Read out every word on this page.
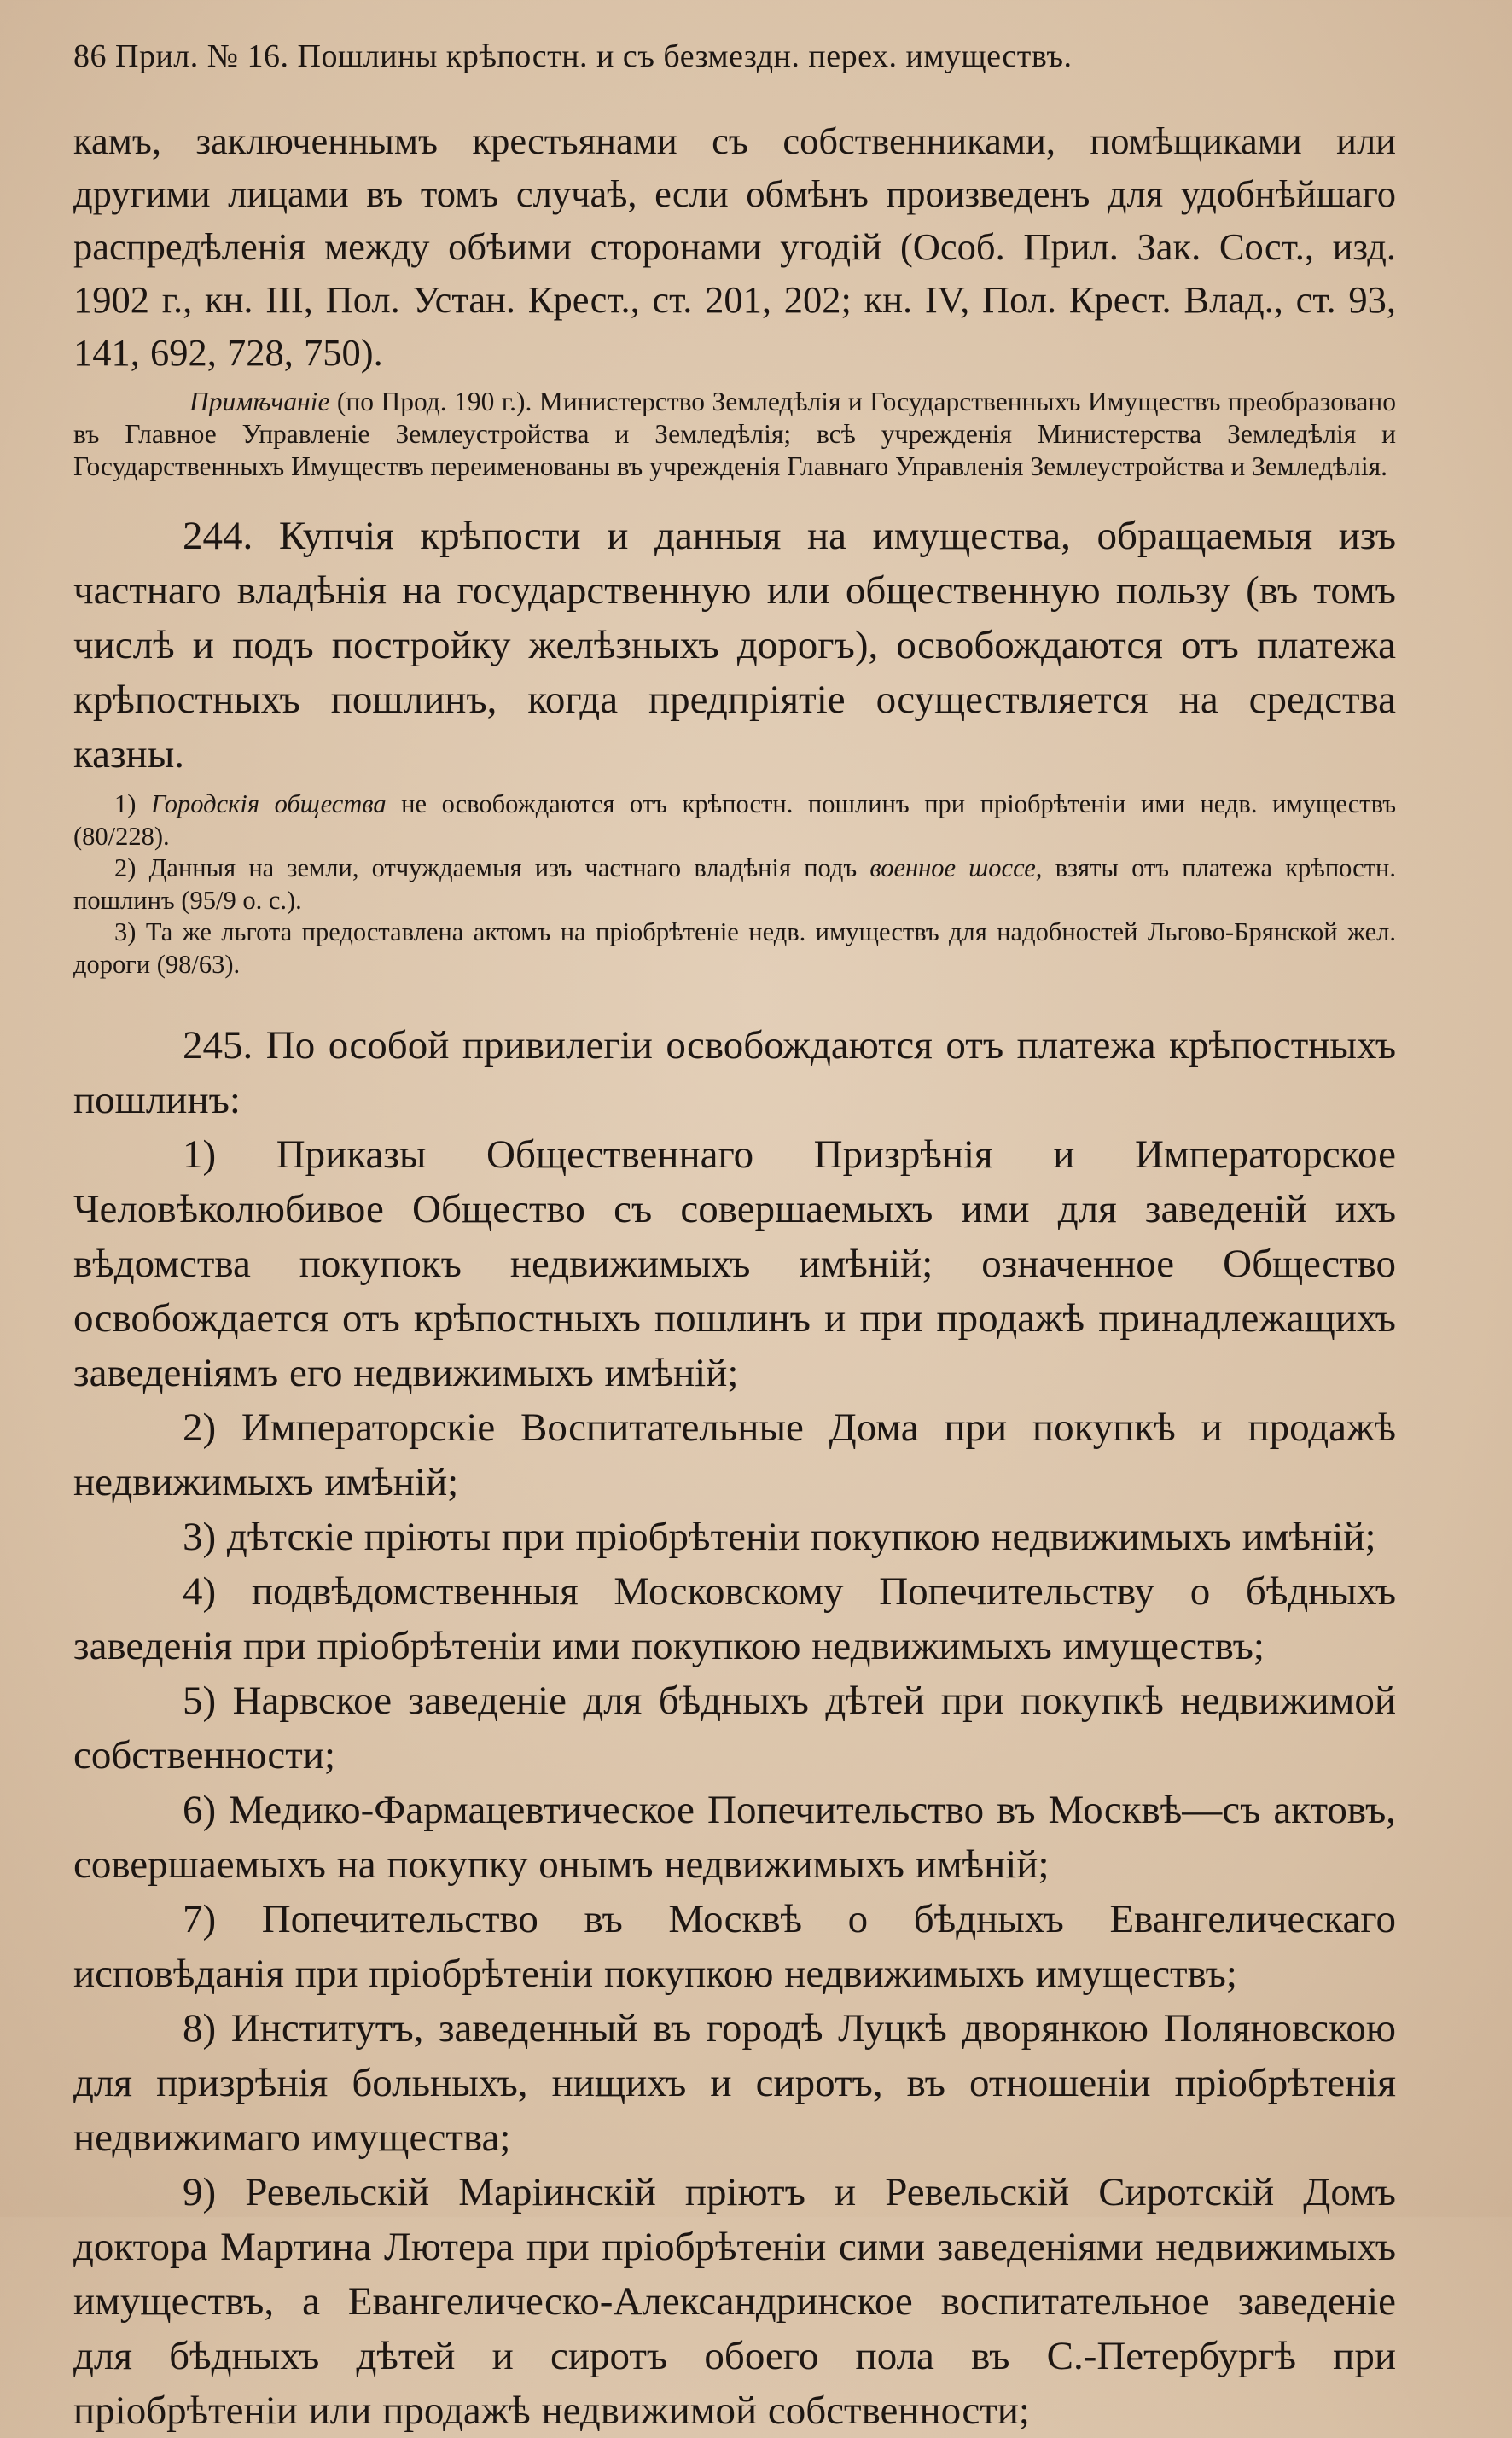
86 Прил. № 16. Пошлины крѣпостн. и съ безмездн. перех. имуществъ.

камъ, заключеннымъ крестьянами съ собственниками, помѣщиками или другими лицами въ томъ случаѣ, если обмѣнъ произведенъ для удобнѣйшаго распредѣленія между обѣими сторонами угодій (Особ. Прил. Зак. Сост., изд. 1902 г., кн. III, Пол. Устан. Крест., ст. 201, 202; кн. IV, Пол. Крест. Влад., ст. 93, 141, 692, 728, 750).

Примѣчаніе (по Прод. 190 г.). Министерство Земледѣлія и Государственныхъ Имуществъ преобразовано въ Главное Управленіе Землеустройства и Земледѣлія; всѣ учрежденія Министерства Земледѣлія и Государственныхъ Имуществъ переименованы въ учрежденія Главнаго Управленія Землеустройства и Земледѣлія.

244. Купчія крѣпости и данныя на имущества, обращаемыя изъ частнаго владѣнія на государственную или общественную пользу (въ томъ числѣ и подъ постройку желѣзныхъ дорогъ), освобождаются отъ платежа крѣпостныхъ пошлинъ, когда предпріятіе осуществляется на средства казны.

1) Городскія общества не освобождаются отъ крѣпостн. пошлинъ при пріобрѣтеніи ими недв. имуществъ (80/228).

2) Данныя на земли, отчуждаемыя изъ частнаго владѣнія подъ военное шоссе, взяты отъ платежа крѣпостн. пошлинъ (95/9 о. с.).

3) Та же льгота предоставлена актомъ на пріобрѣтеніе недв. имуществъ для надобностей Льгово-Брянской жел. дороги (98/63).

245. По особой привилегіи освобождаются отъ платежа крѣпостныхъ пошлинъ:

1) Приказы Общественнаго Призрѣнія и Императорское Человѣколюбивое Общество съ совершаемыхъ ими для заведеній ихъ вѣдомства покупокъ недвижимыхъ имѣній; означенное Общество освобождается отъ крѣпостныхъ пошлинъ и при продажѣ принадлежащихъ заведеніямъ его недвижимыхъ имѣній;

2) Императорскіе Воспитательные Дома при покупкѣ и продажѣ недвижимыхъ имѣній;

3) дѣтскіе пріюты при пріобрѣтеніи покупкою недвижимыхъ имѣній;

4) подвѣдомственныя Московскому Попечительству о бѣдныхъ заведенія при пріобрѣтеніи ими покупкою недвижимыхъ имуществъ;

5) Нарвское заведеніе для бѣдныхъ дѣтей при покупкѣ недвижимой собственности;

6) Медико-Фармацевтическое Попечительство въ Москвѣ—съ актовъ, совершаемыхъ на покупку онымъ недвижимыхъ имѣній;

7) Попечительство въ Москвѣ о бѣдныхъ Евангелическаго исповѣданія при пріобрѣтеніи покупкою недвижимыхъ имуществъ;

8) Институтъ, заведенный въ городѣ Луцкѣ дворянкою Поляновскою для призрѣнія больныхъ, нищихъ и сиротъ, въ отношеніи пріобрѣтенія недвижимаго имущества;

9) Ревельскій Маріинскій пріютъ и Ревельскій Сиротскій Домъ доктора Мартина Лютера при пріобрѣтеніи сими заведеніями недвижимыхъ имуществъ, а Евангелическо-Александринское воспитательное заведеніе для бѣдныхъ дѣтей и сиротъ обоего пола въ С.-Петербургѣ при пріобрѣтеніи или продажѣ недвижимой собственности;
